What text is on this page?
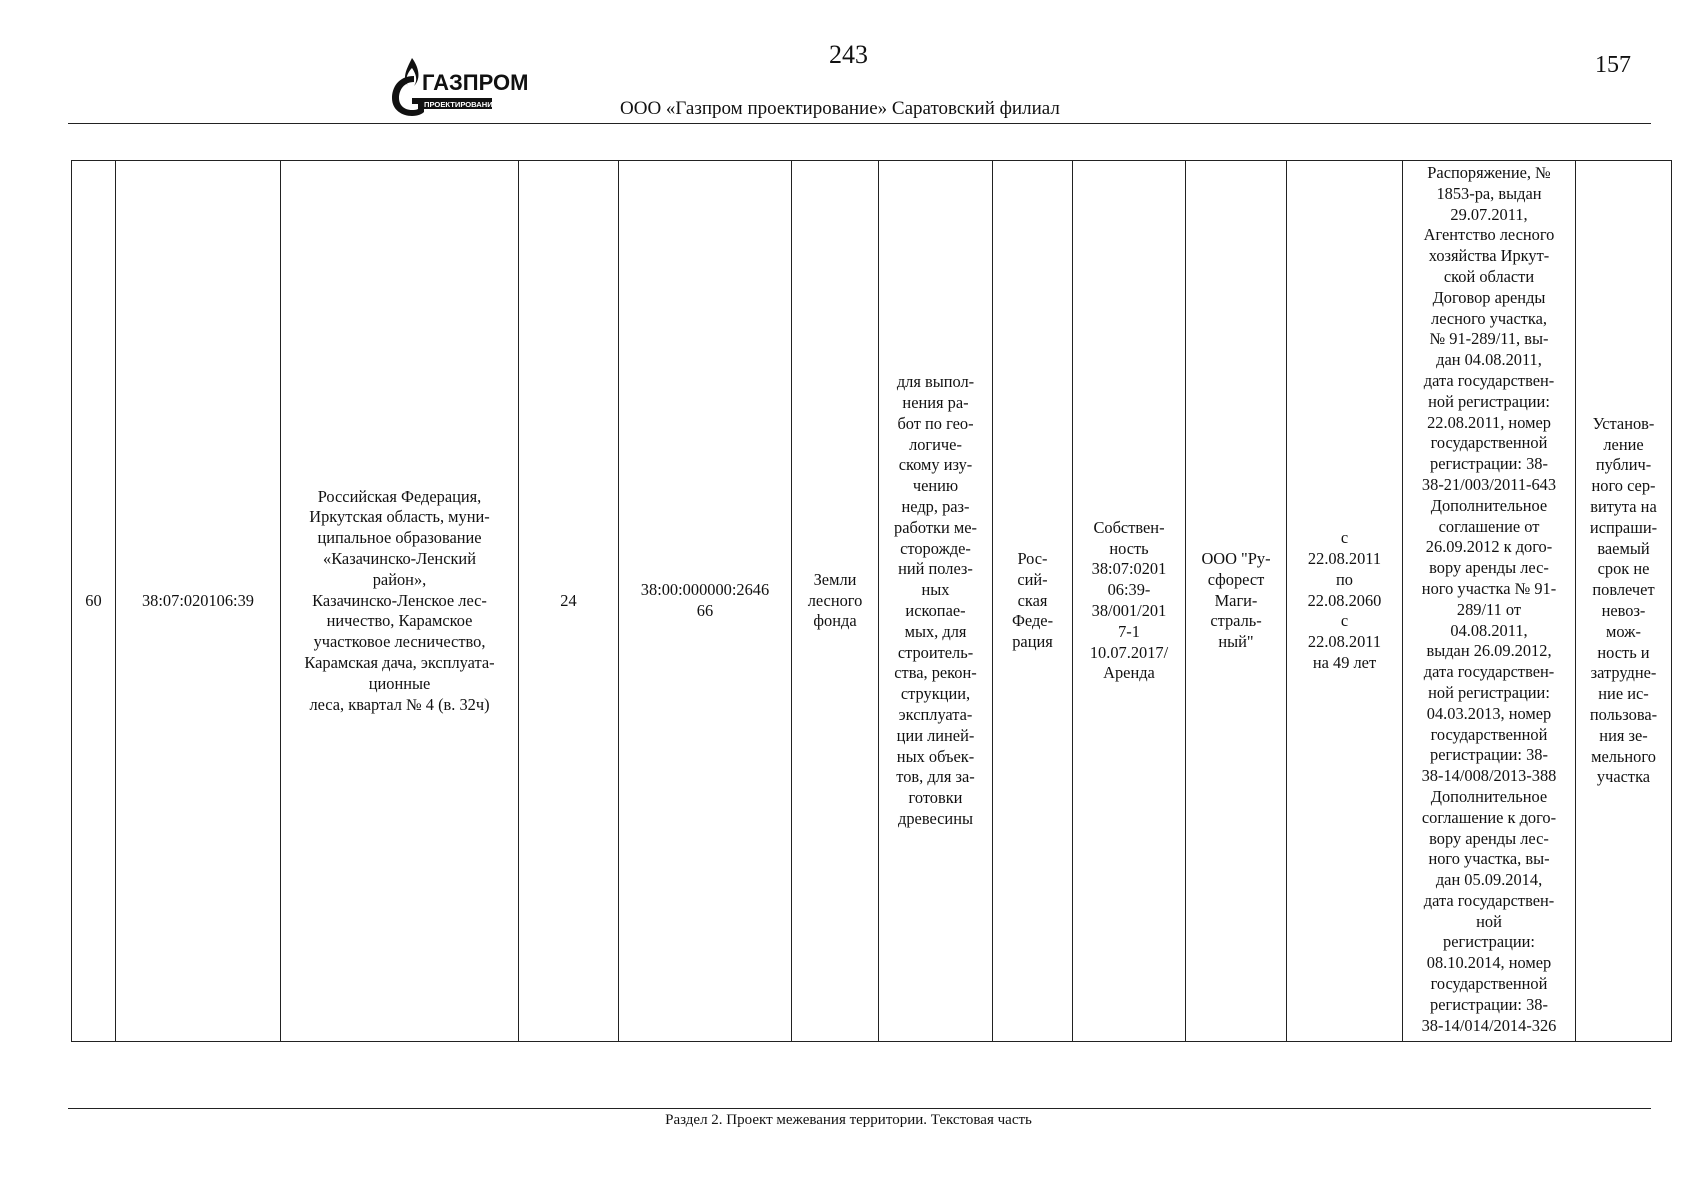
243	157
ГАЗПРОМ
ПРОЕКТИРОВАНИЕ	ООО «Газпром проектирование» Саратовский филиал
60	38:07:020106:39	Российская Федерация,
Иркутская область, муни-
ципальное образование
«Казачинско-Ленский
район»,
Казачинско-Ленское лес-
ничество, Карамское
участковое лесничество,
Карамская дача, эксплуата-
ционные
леса, квартал № 4 (в. 32ч)	24	38:00:000000:2646
66	Земли
лесного
фонда	для выпол-
нения ра-
бот по гео-
логиче-
скому изу-
чению
недр, раз-
работки ме-
сторожде-
ний полез-
ных
ископае-
мых, для
строитель-
ства, рекон-
струкции,
эксплуата-
ции линей-
ных объек-
тов, для за-
готовки
древесины	Рос-
сий-
ская
Феде-
рация	Собствен-
ность
38:07:0201
06:39-
38/001/201
7-1
10.07.2017/
Аренда	ООО "Ру-
сфорест
Маги-
страль-
ный"	с
22.08.2011
по
22.08.2060
с
22.08.2011
на 49 лет	Распоряжение, №
1853-ра, выдан
29.07.2011,
Агентство лесного
хозяйства Иркут-
ской области
Договор аренды
лесного участка,
№ 91-289/11, вы-
дан 04.08.2011,
дата государствен-
ной регистрации:
22.08.2011, номер
государственной
регистрации: 38-
38-21/003/2011-643
Дополнительное
соглашение от
26.09.2012 к дого-
вору аренды лес-
ного участка № 91-
289/11 от
04.08.2011,
выдан 26.09.2012,
дата государствен-
ной регистрации:
04.03.2013, номер
государственной
регистрации: 38-
38-14/008/2013-388
Дополнительное
соглашение к дого-
вору аренды лес-
ного участка, вы-
дан 05.09.2014,
дата государствен-
ной
регистрации:
08.10.2014, номер
государственной
регистрации: 38-
38-14/014/2014-326	Установ-
ление
публич-
ного сер-
витута на
испраши-
ваемый
срок не
повлечет
невоз-
мож-
ность и
затрудне-
ние ис-
пользова-
ния зе-
мельного
участка
Раздел 2. Проект межевания территории. Текстовая часть
